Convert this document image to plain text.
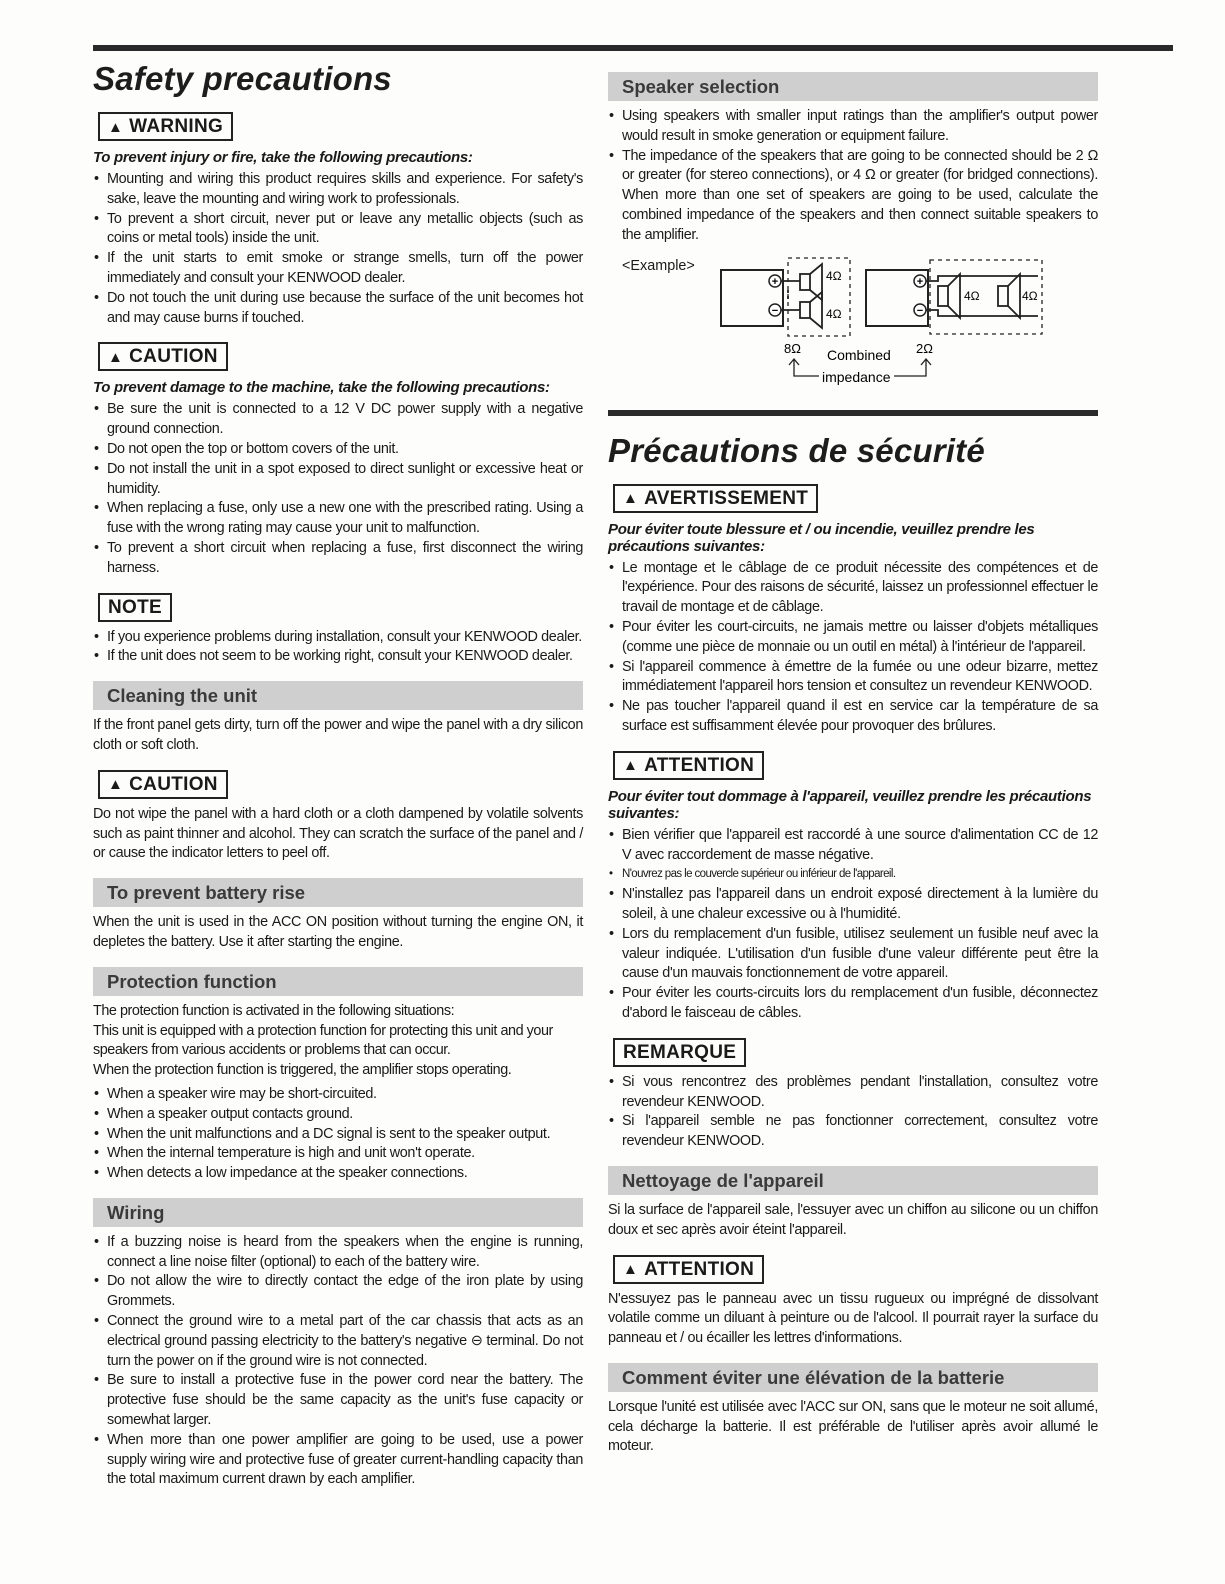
Safety precautions
▲ WARNING
To prevent injury or fire, take the following precautions:
• Mounting and wiring this product requires skills and experience. For safety's sake, leave the mounting and wiring work to professionals.
• To prevent a short circuit, never put or leave any metallic objects (such as coins or metal tools) inside the unit.
• If the unit starts to emit smoke or strange smells, turn off the power immediately and consult your KENWOOD dealer.
• Do not touch the unit during use because the surface of the unit becomes hot and may cause burns if touched.
▲ CAUTION
To prevent damage to the machine, take the following precautions:
• Be sure the unit is connected to a 12 V DC power supply with a negative ground connection.
• Do not open the top or bottom covers of the unit.
• Do not install the unit in a spot exposed to direct sunlight or excessive heat or humidity.
• When replacing a fuse, only use a new one with the prescribed rating. Using a fuse with the wrong rating may cause your unit to malfunction.
• To prevent a short circuit when replacing a fuse, first disconnect the wiring harness.
NOTE
• If you experience problems during installation, consult your KENWOOD dealer.
• If the unit does not seem to be working right, consult your KENWOOD dealer.
Cleaning the unit

If the front panel gets dirty, turn off the power and wipe the panel with a dry silicon cloth or soft cloth.

▲ CAUTION

Do not wipe the panel with a hard cloth or a cloth dampened by volatile solvents such as paint thinner and alcohol. They can scratch the surface of the panel and / or cause the indicator letters to peel off.

To prevent battery rise

When the unit is used in the ACC ON position without turning the engine ON, it depletes the battery. Use it after starting the engine.

Protection function

The protection function is activated in the following situations:

This unit is equipped with a protection function for protecting this unit and your speakers from various accidents or problems that can occur.

When the protection function is triggered, the amplifier stops operating.

• When a speaker wire may be short-circuited.
• When a speaker output contacts ground.
• When the unit malfunctions and a DC signal is sent to the speaker output.
• When the internal temperature is high and unit won't operate.
• When detects a low impedance at the speaker connections.
Wiring
• If a buzzing noise is heard from the speakers when the engine is running, connect a line noise filter (optional) to each of the battery wire.
• Do not allow the wire to directly contact the edge of the iron plate by using Grommets.
• Connect the ground wire to a metal part of the car chassis that acts as an electrical ground passing electricity to the battery's negative ⊖ terminal. Do not turn the power on if the ground wire is not connected.
• Be sure to install a protective fuse in the power cord near the battery. The protective fuse should be the same capacity as the unit's fuse capacity or somewhat larger.
• When more than one power amplifier are going to be used, use a power supply wiring wire and protective fuse of greater current-handling capacity than the total maximum current drawn by each amplifier.
Speaker selection
• Using speakers with smaller input ratings than the amplifier's output power would result in smoke generation or equipment failure.
• The impedance of the speakers that are going to be connected should be 2 Ω or greater (for stereo connections), or 4 Ω or greater (for bridged connections). When more than one set of speakers are going to be used, calculate the combined impedance of the speakers and then connect suitable speakers to the amplifier.
<Example>
+
−
4Ω
4Ω
+
−
4Ω	4Ω
8Ω	2Ω
Combined
impedance
Précautions de sécurité
▲ AVERTISSEMENT
Pour éviter toute blessure et / ou incendie, veuillez prendre les précautions suivantes:
• Le montage et le câblage de ce produit nécessite des compétences et de l'expérience. Pour des raisons de sécurité, laissez un professionnel effectuer le travail de montage et de câblage.
• Pour éviter les court-circuits, ne jamais mettre ou laisser d'objets métalliques (comme une pièce de monnaie ou un outil en métal) à l'intérieur de l'appareil.
• Si l'appareil commence à émettre de la fumée ou une odeur bizarre, mettez immédiatement l'appareil hors tension et consultez un revendeur KENWOOD.
• Ne pas toucher l'appareil quand il est en service car la température de sa surface est suffisamment élevée pour provoquer des brûlures.
▲ ATTENTION
Pour éviter tout dommage à l'appareil, veuillez prendre les précautions suivantes:
• Bien vérifier que l'appareil est raccordé à une source d'alimentation CC de 12 V avec raccordement de masse négative.
• N'ouvrez pas le couvercle supérieur ou inférieur de l'appareil.
• N'installez pas l'appareil dans un endroit exposé directement à la lumière du soleil, à une chaleur excessive ou à l'humidité.
• Lors du remplacement d'un fusible, utilisez seulement un fusible neuf avec la valeur indiquée. L'utilisation d'un fusible d'une valeur différente peut être la cause d'un mauvais fonctionnement de votre appareil.
• Pour éviter les courts-circuits lors du remplacement d'un fusible, déconnectez d'abord le faisceau de câbles.
REMARQUE
• Si vous rencontrez des problèmes pendant l'installation, consultez votre revendeur KENWOOD.
• Si l'appareil semble ne pas fonctionner correctement, consultez votre revendeur KENWOOD.
Nettoyage de l'appareil

Si la surface de l'appareil sale, l'essuyer avec un chiffon au silicone ou un chiffon doux et sec après avoir éteint l'appareil.

▲ ATTENTION

N'essuyez pas le panneau avec un tissu rugueux ou imprégné de dissolvant volatile comme un diluant à peinture ou de l'alcool. Il pourrait rayer la surface du panneau et / ou écailler les lettres d'informations.

Comment éviter une élévation de la batterie

Lorsque l'unité est utilisée avec l'ACC sur ON, sans que le moteur ne soit allumé, cela décharge la batterie. Il est préférable de l'utiliser après avoir allumé le moteur.
